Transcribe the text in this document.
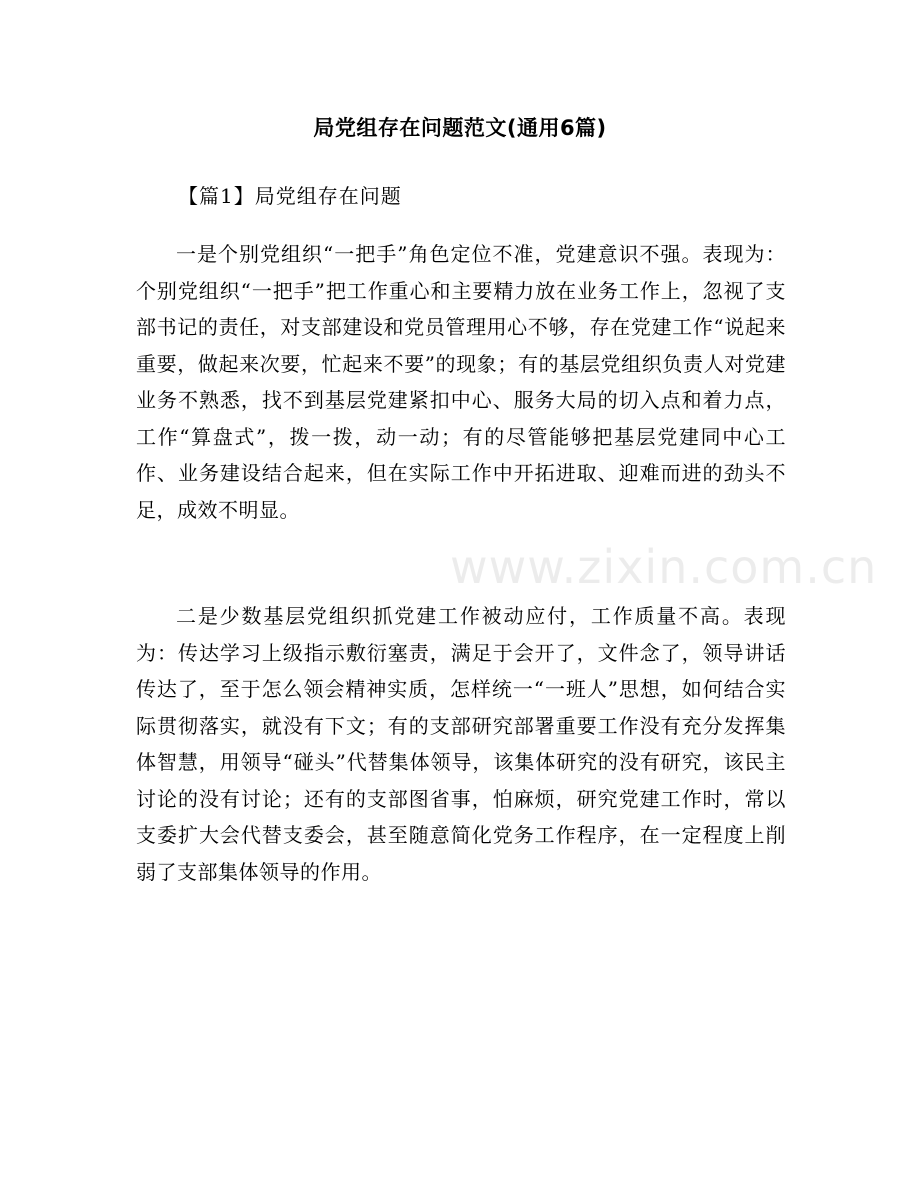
局党组存在问题范文(通用6篇)
【篇1】局党组存在问题

一是个别党组织“一把手”角色定位不准，党建意识不强。表现为：个别党组织“一把手”把工作重心和主要精力放在业务工作上，忽视了支部书记的责任，对支部建设和党员管理用心不够，存在党建工作“说起来重要，做起来次要，忙起来不要”的现象；有的基层党组织负责人对党建业务不熟悉，找不到基层党建紧扣中心、服务大局的切入点和着力点，工作“算盘式”，拨一拨，动一动；有的尽管能够把基层党建同中心工作、业务建设结合起来，但在实际工作中开拓进取、迎难而进的劲头不足，成效不明显。

二是少数基层党组织抓党建工作被动应付，工作质量不高。表现为：传达学习上级指示敷衍塞责，满足于会开了，文件念了，领导讲话传达了，至于怎么领会精神实质，怎样统一“一班人”思想，如何结合实际贯彻落实，就没有下文；有的支部研究部署重要工作没有充分发挥集体智慧，用领导“碰头”代替集体领导，该集体研究的没有研究，该民主讨论的没有讨论；还有的支部图省事，怕麻烦，研究党建工作时，常以支委扩大会代替支委会，甚至随意简化党务工作程序，在一定程度上削弱了支部集体领导的作用。

www.zixin.com.cn
